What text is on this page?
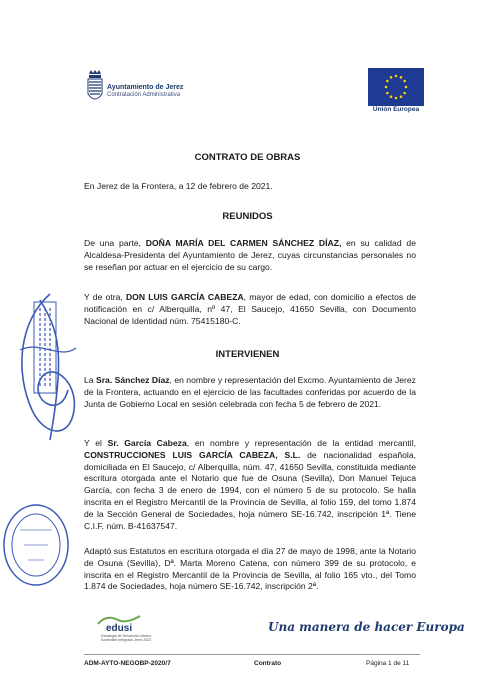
Ayuntamiento de Jerez
Contratación Administrativa
Unión Europea
CONTRATO DE OBRAS
En Jerez de la Frontera, a 12 de febrero de 2021.
REUNIDOS
De una parte, DOÑA MARÍA DEL CARMEN SÁNCHEZ DÍAZ, en su calidad de Alcaldesa-Presidenta del Ayuntamiento de Jerez, cuyas circunstancias personales no se reseñan por actuar en el ejercicio de su cargo.
Y de otra, DON LUIS GARCÍA CABEZA, mayor de edad, con domicilio a efectos de notificación en c/ Alberquilla, nº 47, El Saucejo, 41650 Sevilla, con Documento Nacional de Identidad núm. 75415180-C.
INTERVIENEN
La Sra. Sánchez Díaz, en nombre y representación del Excmo. Ayuntamiento de Jerez de la Frontera, actuando en el ejercicio de las facultades conferidas por acuerdo de la Junta de Gobierno Local en sesión celebrada con fecha 5 de febrero de 2021.
Y el Sr. García Cabeza, en nombre y representación de la entidad mercantil, CONSTRUCCIONES LUIS GARCÍA CABEZA, S.L. de nacionalidad española, domiciliada en El Saucejo, c/ Alberquilla, núm. 47, 41650 Sevilla, constituida mediante escritura otorgada ante el Notario que fue de Osuna (Sevilla), Don Manuel Tejuca García, con fecha 3 de enero de 1994, con el número 5 de su protocolo. Se halla inscrita en el Registro Mercantil de la Provincia de Sevilla, al folio 159, del tomo 1.874 de la Sección General de Sociedades, hoja número SE-16.742, inscripción 1ª. Tiene C.I.F. núm. B-41637547.
Adaptó sus Estatutos en escritura otorgada el día 27 de mayo de 1998, ante la Notario de Osuna (Sevilla), Dª. Marta Moreno Catena, con número 399 de su protocolo, e inscrita en el Registro Mercantil de la Provincia de Sevilla, al folio 165 vto., del Tomo 1.874 de Sociedades, hoja número SE-16.742, inscripción 2ª.
edusi
Estrategia de Desarrollo Urbano Sostenible Integrado Jerez 2022
Una manera de hacer Europa
ADM-AYTO-NEGOBP-2020/7	Contrato	Página 1 de 11
